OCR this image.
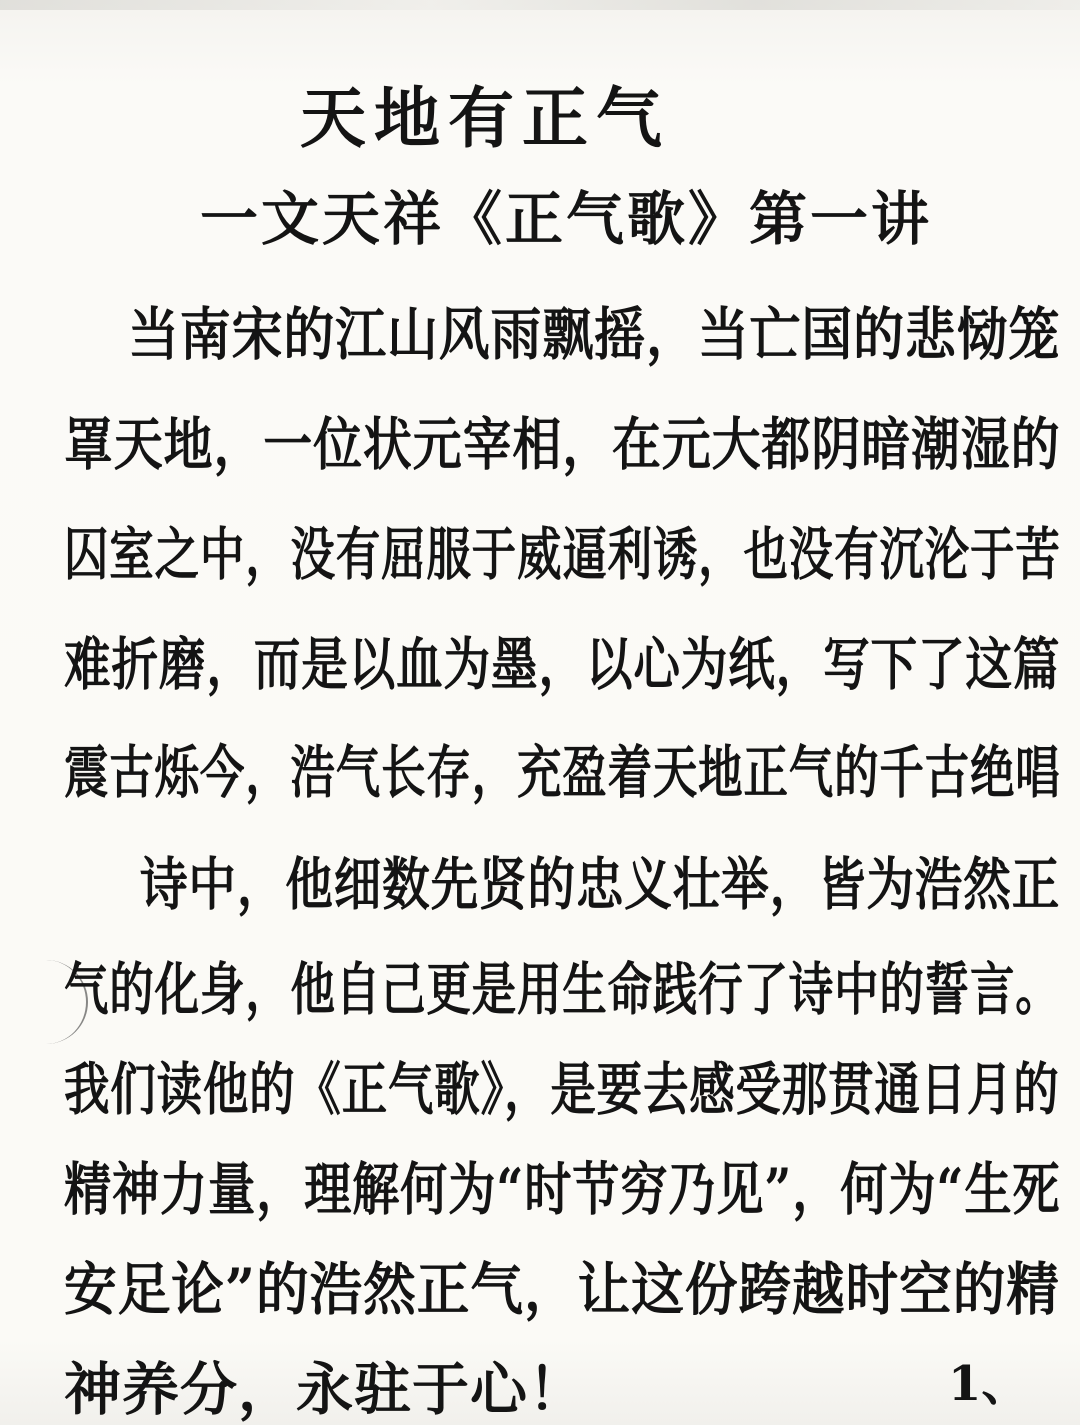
天地有正气
一文天祥《正气歌》第一讲
当南宋的江山风雨飘摇，当亡国的悲恸笼
罩天地，一位状元宰相，在元大都阴暗潮湿的
囚室之中，没有屈服于威逼利诱，也没有沉沦于苦
难折磨，而是以血为墨，以心为纸，写下了这篇
震古烁今，浩气长存，充盈着天地正气的千古绝唱
诗中，他细数先贤的忠义壮举，皆为浩然正
气的化身，他自己更是用生命践行了诗中的誓言。
我们读他的《正气歌》，是要去感受那贯通日月的
精神力量，理解何为“时节穷乃见”，何为“生死
安足论”的浩然正气，让这份跨越时空的精
神养分，永驻于心！	1、
